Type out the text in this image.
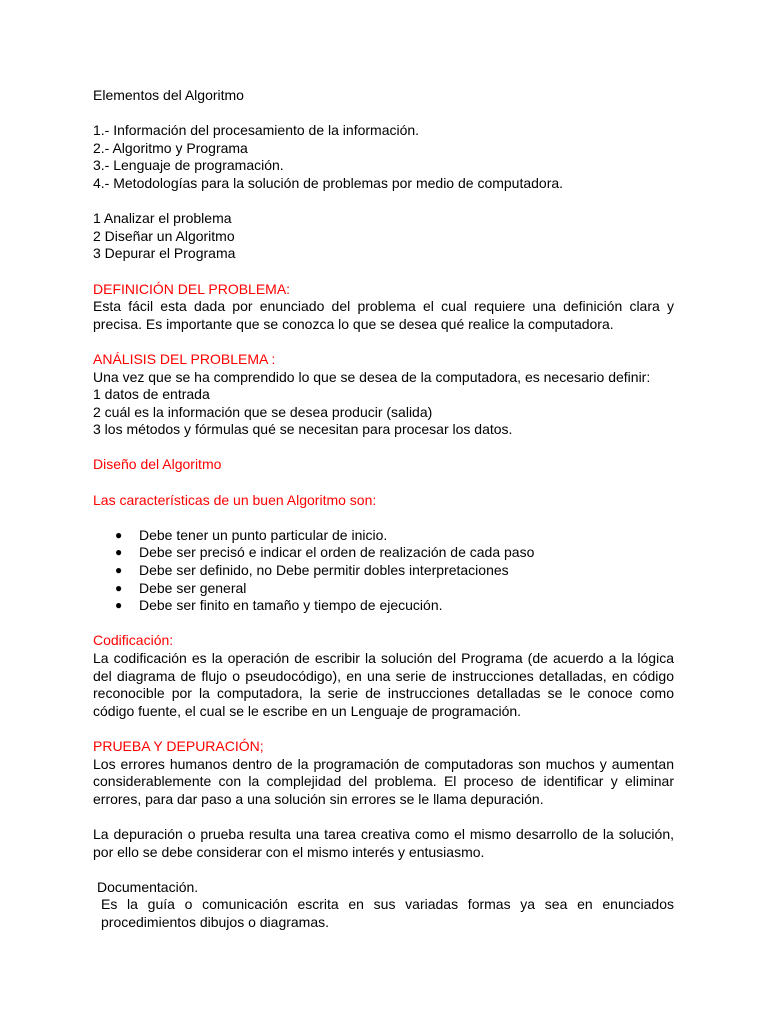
Elementos del Algoritmo

1.- Información del procesamiento de la información.

2.- Algoritmo y Programa

3.- Lenguaje de programación.

4.- Metodologías para la solución de problemas por medio de computadora.

1 Analizar el problema

2 Diseñar un Algoritmo

3 Depurar el Programa

DEFINICIÓN DEL PROBLEMA:

Esta fácil esta dada por enunciado del problema el cual requiere una definición clara y precisa. Es importante que se conozca lo que se desea qué realice la computadora.

ANÁLISIS DEL PROBLEMA :

Una vez que se ha comprendido lo que se desea de la computadora, es necesario definir:

1 datos de entrada

2 cuál es la información que se desea producir (salida)

3 los métodos y fórmulas qué se necesitan para procesar los datos.

Diseño del Algoritmo

Las características de un buen Algoritmo son:

● Debe tener un punto particular de inicio.
● Debe ser precisó e indicar el orden de realización de cada paso
● Debe ser definido, no Debe permitir dobles interpretaciones
● Debe ser general
● Debe ser finito en tamaño y tiempo de ejecución.

Codificación:

La codificación es la operación de escribir la solución del Programa (de acuerdo a la lógica del diagrama de flujo o pseudocódigo), en una serie de instrucciones detalladas, en código reconocible por la computadora, la serie de instrucciones detalladas se le conoce como código fuente, el cual se le escribe en un Lenguaje de programación.

PRUEBA Y DEPURACIÓN;

Los errores humanos dentro de la programación de computadoras son muchos y aumentan considerablemente con la complejidad del problema. El proceso de identificar y eliminar errores, para dar paso a una solución sin errores se le llama depuración.

La depuración o prueba resulta una tarea creativa como el mismo desarrollo de la solución, por ello se debe considerar con el mismo interés y entusiasmo.

Documentación.

Es la guía o comunicación escrita en sus variadas formas ya sea en enunciados procedimientos dibujos o diagramas.
